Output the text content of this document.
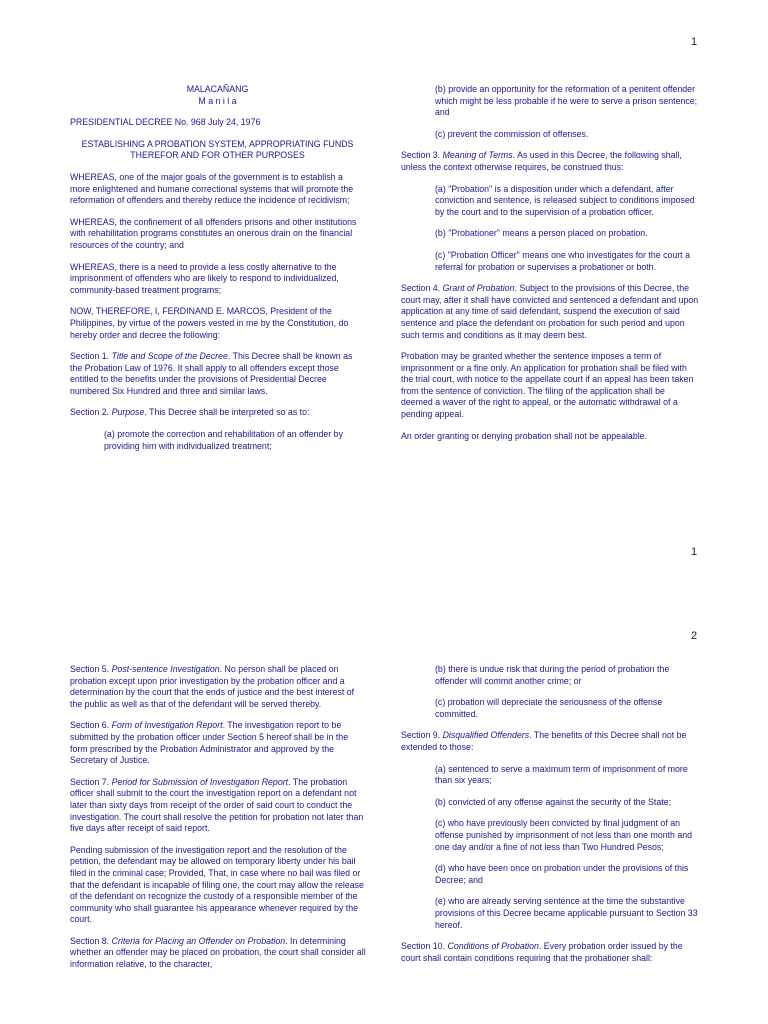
1

MALACAÑANG

M a n i l a

PRESIDENTIAL DECREE No. 968 July 24, 1976

ESTABLISHING A PROBATION SYSTEM, APPROPRIATING FUNDS THEREFOR AND FOR OTHER PURPOSES

WHEREAS, one of the major goals of the government is to establish a more enlightened and humane correctional systems that will promote the reformation of offenders and thereby reduce the incidence of recidivism;

WHEREAS, the confinement of all offenders prisons and other institutions with rehabilitation programs constitutes an onerous drain on the financial resources of the country; and

WHEREAS, there is a need to provide a less costly alternative to the imprisonment of offenders who are likely to respond to individualized, community-based treatment programs;

NOW, THEREFORE, I, FERDINAND E. MARCOS, President of the Philippines, by virtue of the powers vested in me by the Constitution, do hereby order and decree the following:

Section 1. Title and Scope of the Decree. This Decree shall be known as the Probation Law of 1976. It shall apply to all offenders except those entitled to the benefits under the provisions of Presidential Decree numbered Six Hundred and three and similar laws.

Section 2. Purpose. This Decree shall be interpreted so as to:

(a) promote the correction and rehabilitation of an offender by providing him with individualized treatment;

(b) provide an opportunity for the reformation of a penitent offender which might be less probable if he were to serve a prison sentence; and

(c) prevent the commission of offenses.

Section 3. Meaning of Terms. As used in this Decree, the following shall, unless the context otherwise requires, be construed thus:

(a) "Probation" is a disposition under which a defendant, after conviction and sentence, is released subject to conditions imposed by the court and to the supervision of a probation officer.

(b) "Probationer" means a person placed on probation.

(c) "Probation Officer" means one who investigates for the court a referral for probation or supervises a probationer or both.

Section 4. Grant of Probation. Subject to the provisions of this Decree, the court may, after it shall have convicted and sentenced a defendant and upon application at any time of said defendant, suspend the execution of said sentence and place the defendant on probation for such period and upon such terms and conditions as it may deem best.

Probation may be granted whether the sentence imposes a term of imprisonment or a fine only. An application for probation shall be filed with the trial court, with notice to the appellate court if an appeal has been taken from the sentence of conviction. The filing of the application shall be deemed a waver of the right to appeal, or the automatic withdrawal of a pending appeal.

An order granting or denying probation shall not be appealable.

1
2

Section 5. Post-sentence Investigation. No person shall be placed on probation except upon prior investigation by the probation officer and a determination by the court that the ends of justice and the best interest of the public as well as that of the defendant will be served thereby.

Section 6. Form of Investigation Report. The investigation report to be submitted by the probation officer under Section 5 hereof shall be in the form prescribed by the Probation Administrator and approved by the Secretary of Justice.

Section 7. Period for Submission of Investigation Report. The probation officer shall submit to the court the investigation report on a defendant not later than sixty days from receipt of the order of said court to conduct the investigation. The court shall resolve the petition for probation not later than five days after receipt of said report.

Pending submission of the investigation report and the resolution of the petition, the defendant may be allowed on temporary liberty under his bail filed in the criminal case; Provided, That, in case where no bail was filed or that the defendant is incapable of filing one, the court may allow the release of the defendant on recognize the custody of a responsible member of the community who shall guarantee his appearance whenever required by the court.

Section 8. Criteria for Placing an Offender on Probation. In determining whether an offender may be placed on probation, the court shall consider all information relative, to the character,

(b) there is undue risk that during the period of probation the offender will commit another crime; or

(c) probation will depreciate the seriousness of the offense committed.

Section 9. Disqualified Offenders. The benefits of this Decree shall not be extended to those:

(a) sentenced to serve a maximum term of imprisonment of more than six years;

(b) convicted of any offense against the security of the State;

(c) who have previously been convicted by final judgment of an offense punished by imprisonment of not less than one month and one day and/or a fine of not less than Two Hundred Pesos;

(d) who have been once on probation under the provisions of this Decree; and

(e) who are already serving sentence at the time the substantive provisions of this Decree became applicable pursuant to Section 33 hereof.

Section 10. Conditions of Probation. Every probation order issued by the court shall contain conditions requiring that the probationer shall:
